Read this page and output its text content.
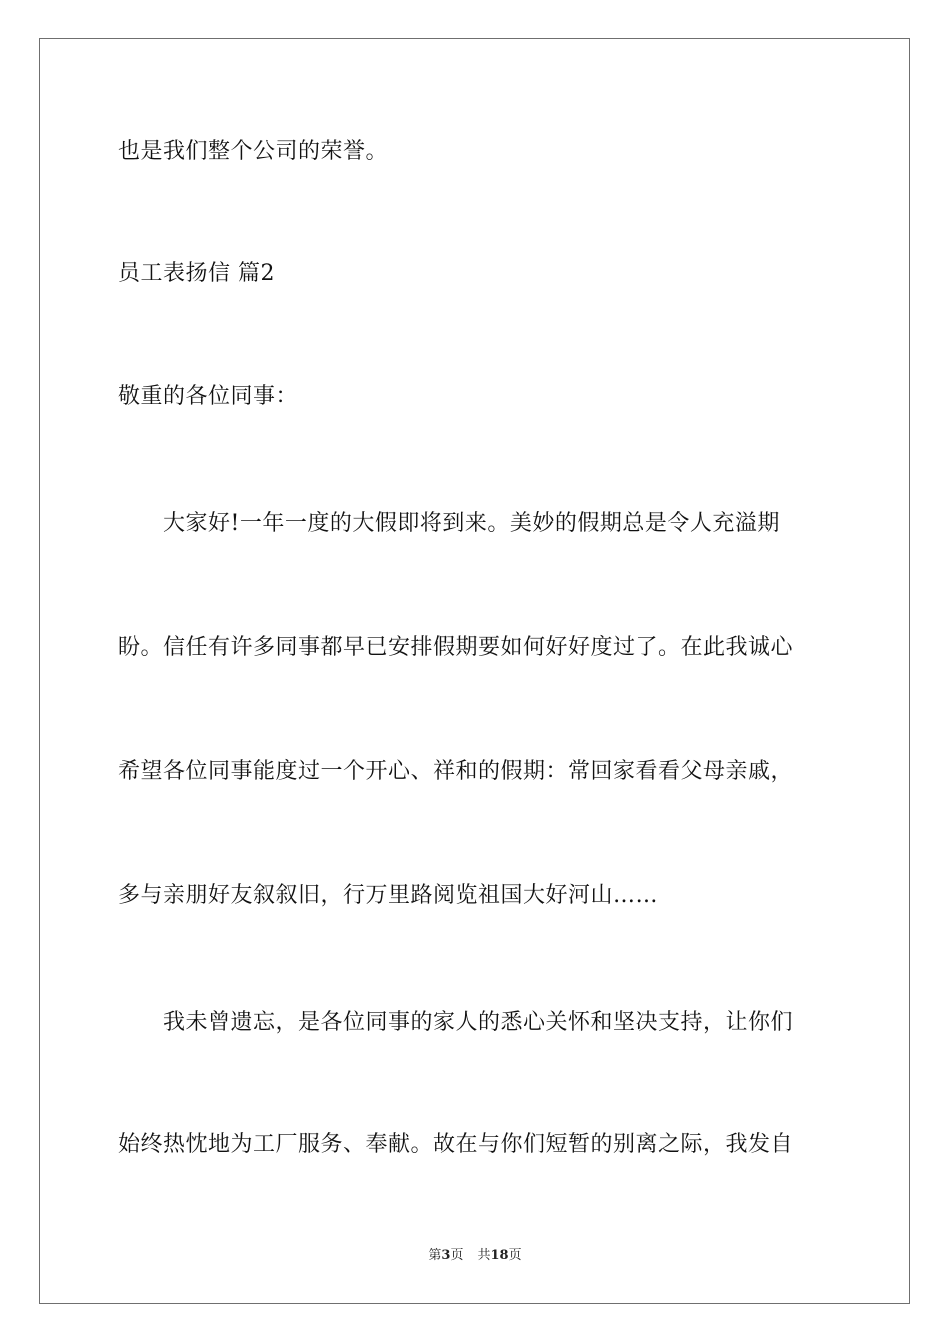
也是我们整个公司的荣誉。
员工表扬信 篇2
敬重的各位同事：
大家好!一年一度的大假即将到来。美妙的假期总是令人充溢期
盼。信任有许多同事都早已安排假期要如何好好度过了。在此我诚心
希望各位同事能度过一个开心、祥和的假期：常回家看看父母亲戚，
多与亲朋好友叙叙旧，行万里路阅览祖国大好河山……
我未曾遗忘，是各位同事的家人的悉心关怀和坚决支持，让你们
始终热忱地为工厂服务、奉献。故在与你们短暂的别离之际，我发自
第3页 共18页
